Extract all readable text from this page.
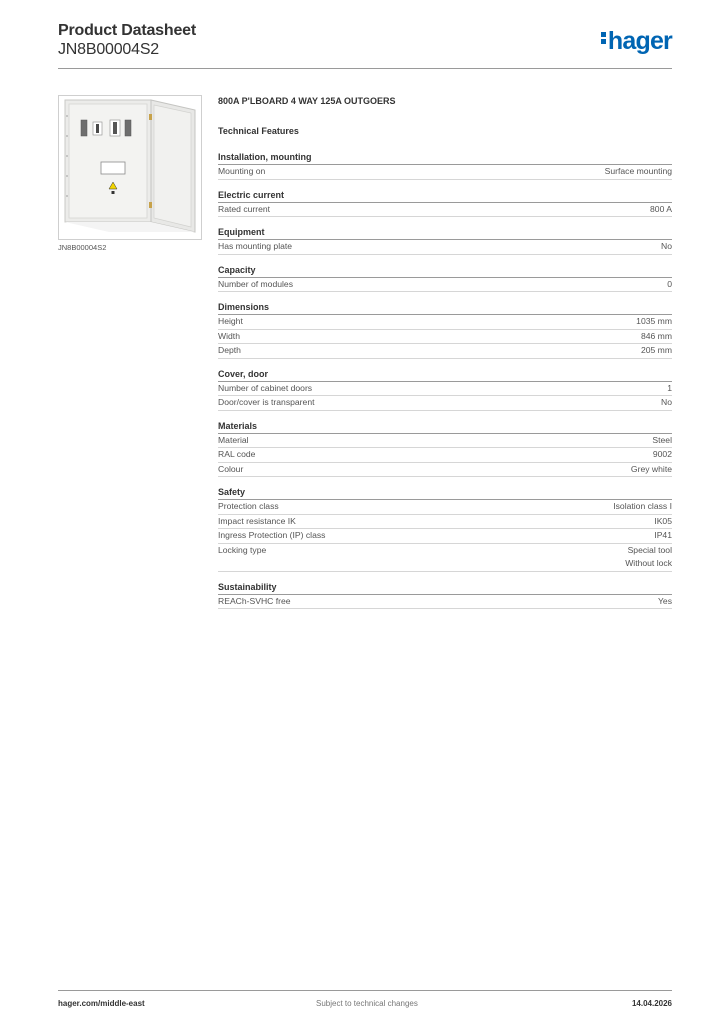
Product Datasheet
JN8B00004S2	hager
JN8B00004S2
800A P'LBOARD 4 WAY 125A OUTGOERS
Technical Features
Installation, mounting
Mounting on	Surface mounting
Electric current
Rated current	800 A
Equipment
Has mounting plate	No
Capacity
Number of modules	0
Dimensions
Height	1035 mm
Width	846 mm
Depth	205 mm
Cover, door
Number of cabinet doors	1
Door/cover is transparent	No
Materials
Material	Steel
RAL code	9002
Colour	Grey white
Safety
Protection class	Isolation class I
Impact resistance IK	IK05
Ingress Protection (IP) class	IP41
Locking type	Special tool
Without lock
Sustainability
REACh-SVHC free	Yes
hager.com/middle-east	Subject to technical changes	14.04.2026
